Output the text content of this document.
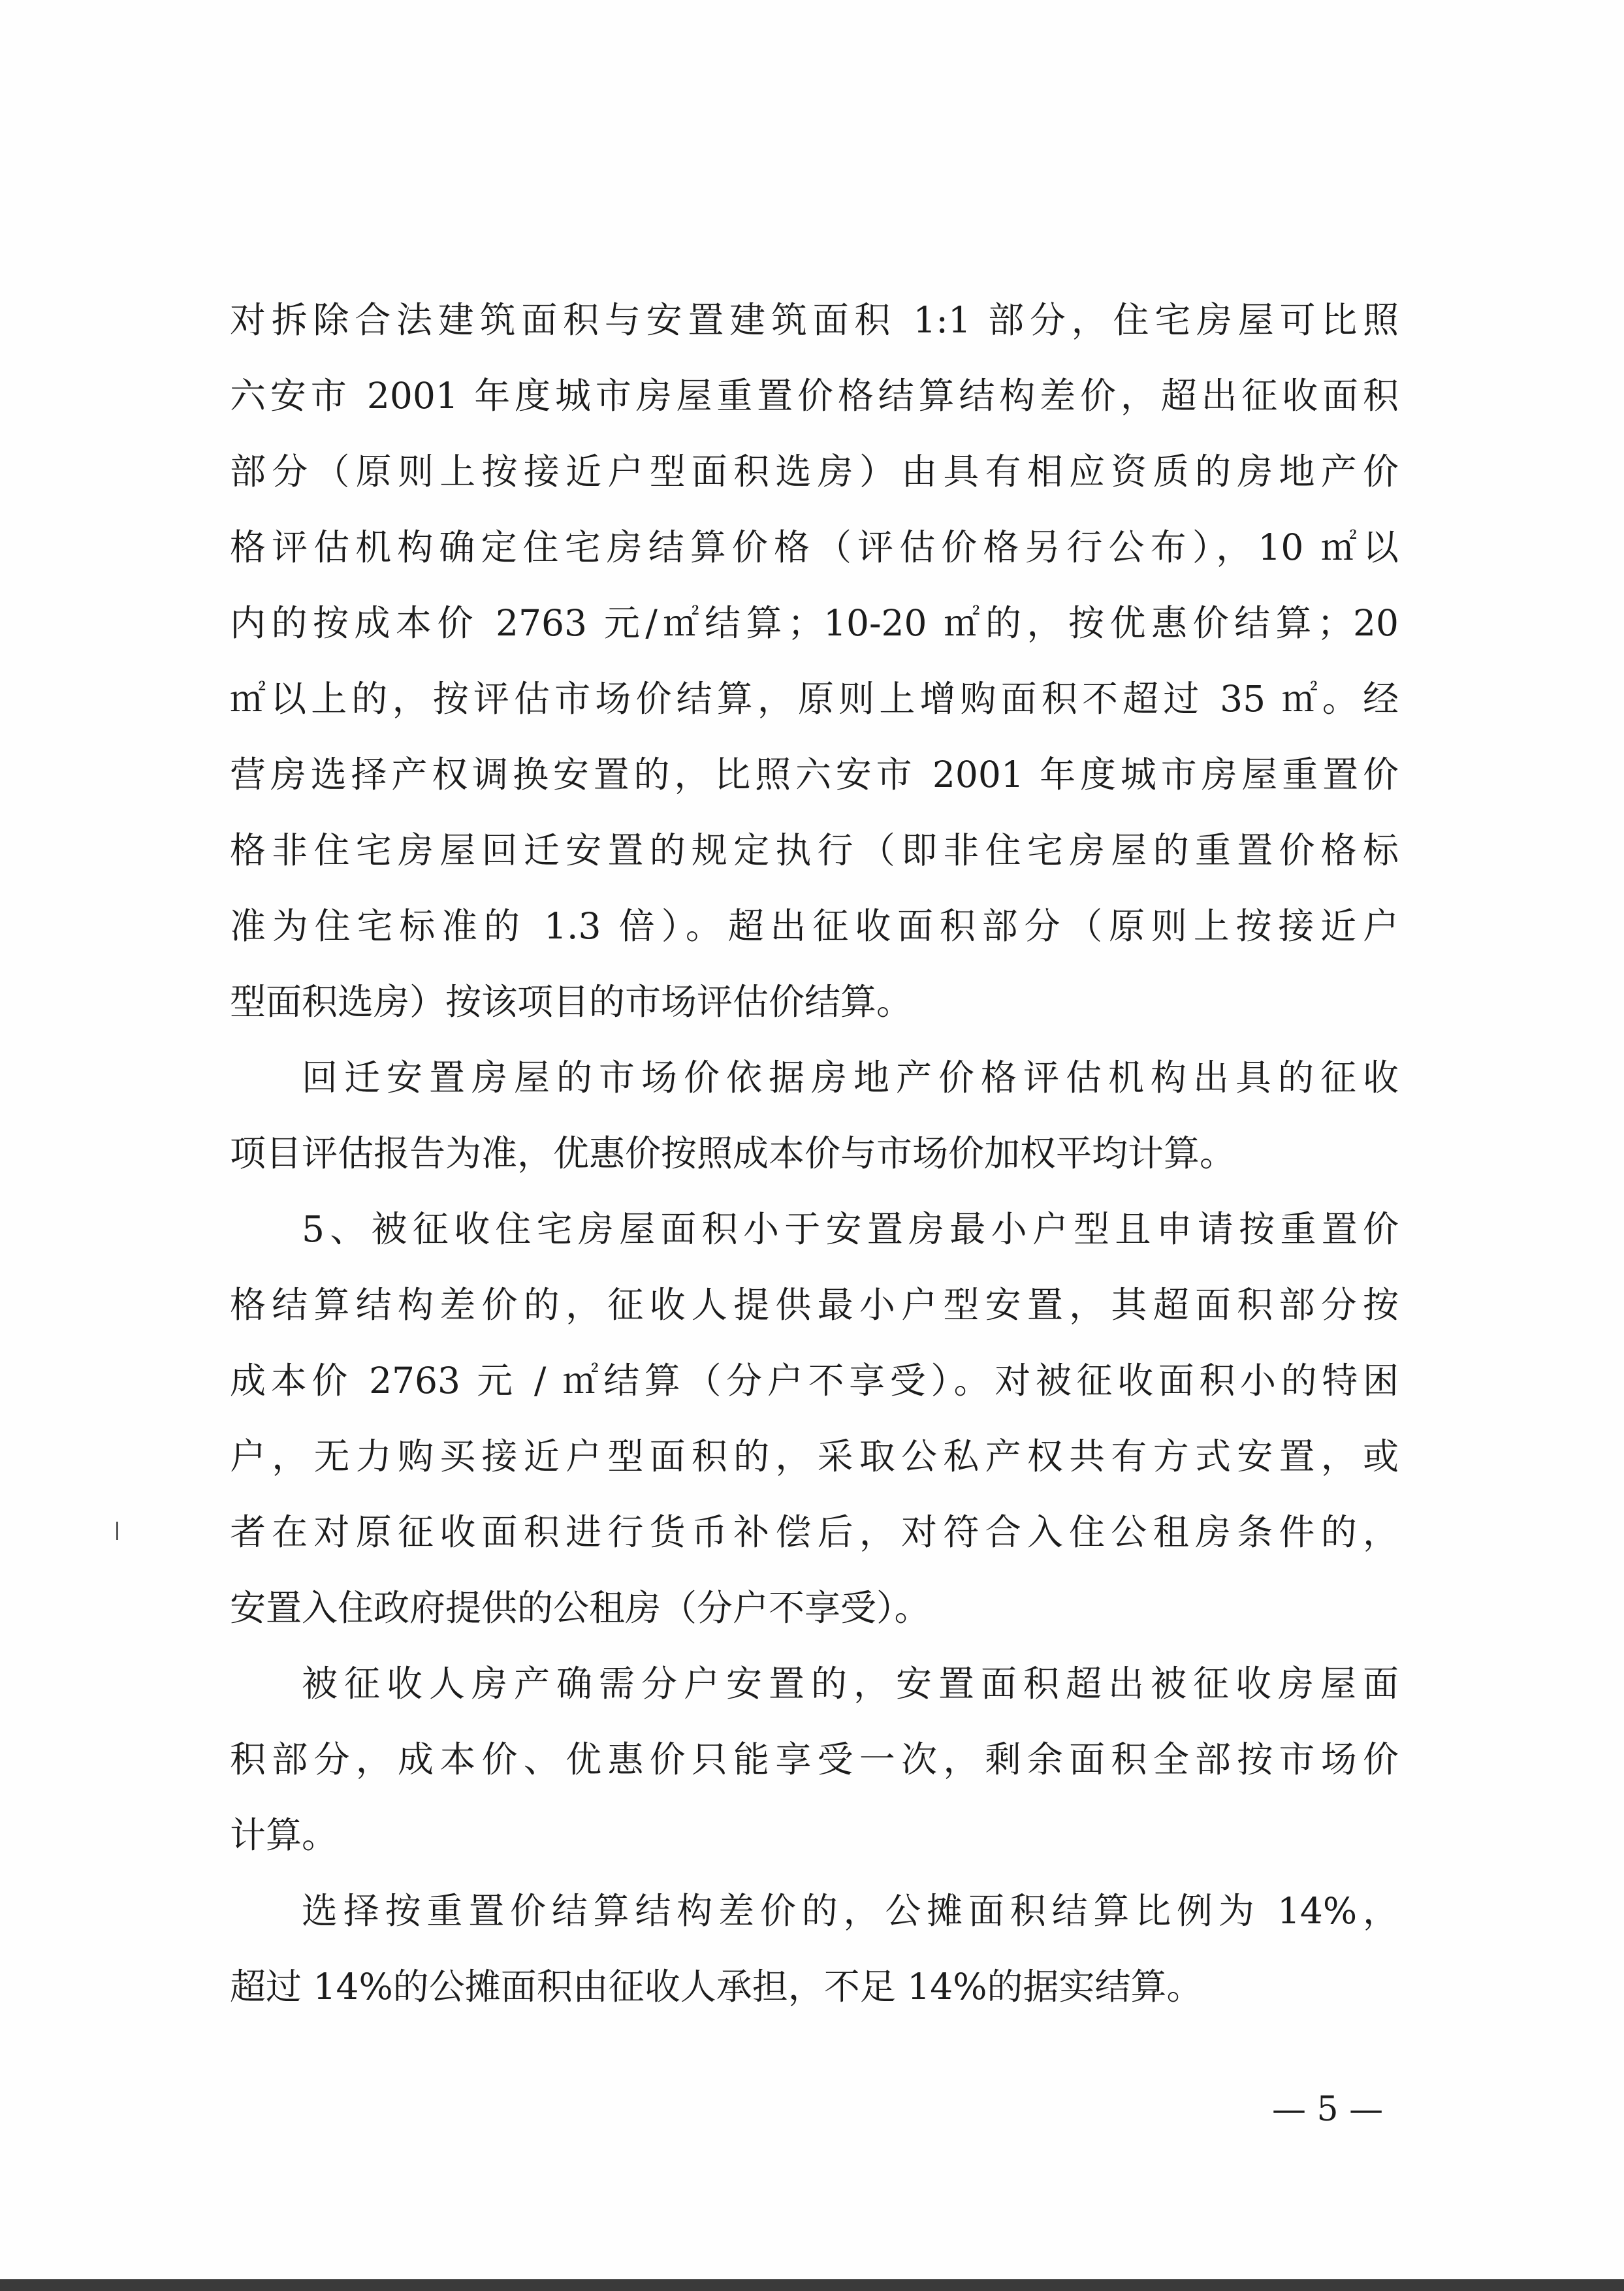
对拆除合法建筑面积与安置建筑面积 1:1 部分，住宅房屋可比照
六安市 2001 年度城市房屋重置价格结算结构差价，超出征收面积
部分（原则上按接近户型面积选房）由具有相应资质的房地产价
格评估机构确定住宅房结算价格（评估价格另行公布），10 ㎡以
内的按成本价 2763 元/㎡结算；10-20 ㎡的，按优惠价结算；20
㎡以上的，按评估市场价结算，原则上增购面积不超过 35 ㎡。经
营房选择产权调换安置的，比照六安市 2001 年度城市房屋重置价
格非住宅房屋回迁安置的规定执行（即非住宅房屋的重置价格标
准为住宅标准的 1.3 倍）。超出征收面积部分（原则上按接近户
型面积选房）按该项目的市场评估价结算。
回迁安置房屋的市场价依据房地产价格评估机构出具的征收
项目评估报告为准，优惠价按照成本价与市场价加权平均计算。
5、被征收住宅房屋面积小于安置房最小户型且申请按重置价
格结算结构差价的，征收人提供最小户型安置，其超面积部分按
成本价 2763 元 / ㎡结算（分户不享受）。对被征收面积小的特困
户，无力购买接近户型面积的，采取公私产权共有方式安置，或
者在对原征收面积进行货币补偿后，对符合入住公租房条件的，
安置入住政府提供的公租房（分户不享受）。
被征收人房产确需分户安置的，安置面积超出被征收房屋面
积部分，成本价、优惠价只能享受一次，剩余面积全部按市场价
计算。
选择按重置价结算结构差价的，公摊面积结算比例为 14%，
超过 14%的公摊面积由征收人承担，不足 14%的据实结算。
— 5 —
